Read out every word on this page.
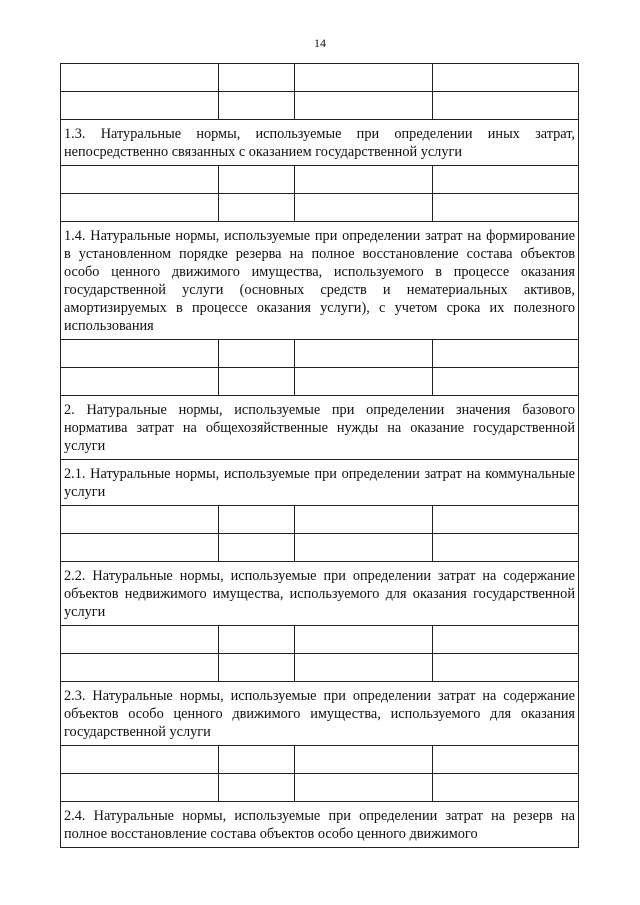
14

1.3. Натуральные нормы, используемые при определении иных затрат, непосредственно связанных с оказанием государственной услуги			

1.4. Натуральные нормы, используемые при определении затрат на формирование в установленном порядке резерва на полное восстановление состава объектов особо ценного движимого имущества, используемого в процессе оказания государственной услуги (основных средств и нематериальных активов, амортизируемых в процессе оказания услуги), с учетом срока их полезного использования			

2. Натуральные нормы, используемые при определении значения базового норматива затрат на общехозяйственные нужды на оказание государственной услуги			
2.1. Натуральные нормы, используемые при определении затрат на коммунальные услуги			

2.2. Натуральные нормы, используемые при определении затрат на содержание объектов недвижимого имущества, используемого для оказания государственной услуги			

2.3. Натуральные нормы, используемые при определении затрат на содержание объектов особо ценного движимого имущества, используемого для оказания государственной услуги			

2.4. Натуральные нормы, используемые при определении затрат на резерв на полное восстановление состава объектов особо ценного движимого			
